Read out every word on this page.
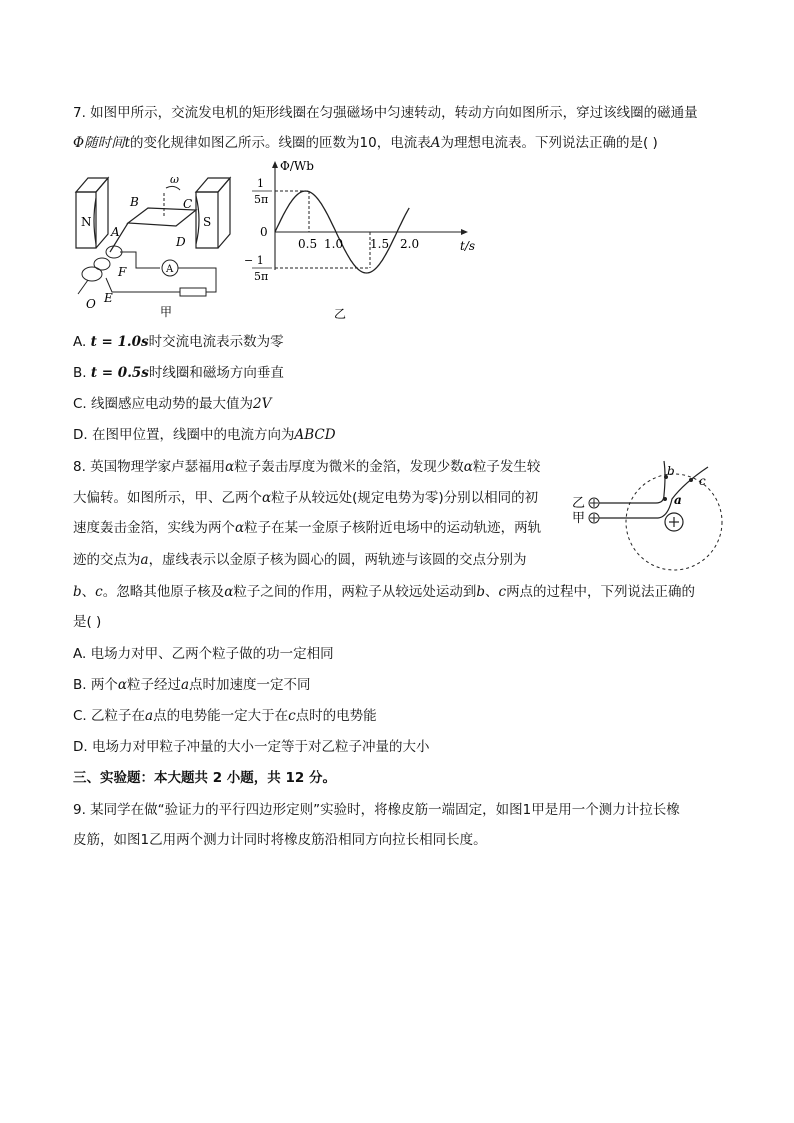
7. 如图甲所示，交流发电机的矩形线圈在匀强磁场中匀速转动，转动方向如图所示，穿过该线圈的磁通量
Φ随时间t的变化规律如图乙所示。线圈的匝数为10，电流表A为理想电流表。下列说法正确的是( )
N	S
ω
B	C
A
D
F
E
O
A
甲
Φ/Wb
t/s
1
5π
0
− 1
5π
0.5 1.0 1.5 2.0
乙
A. t = 1.0s时交流电流表示数为零
B. t = 0.5s时线圈和磁场方向垂直
C. 线圈感应电动势的最大值为2V
D. 在图甲位置，线圈中的电流方向为ABCD
8. 英国物理学家卢瑟福用α粒子轰击厚度为微米的金箔，发现少数α粒子发生较
大偏转。如图所示，甲、乙两个α粒子从较远处(规定电势为零)分别以相同的初
速度轰击金箔，实线为两个α粒子在某一金原子核附近电场中的运动轨迹，两轨
迹的交点为a，虚线表示以金原子核为圆心的圆，两轨迹与该圆的交点分别为
b、c。忽略其他原子核及α粒子之间的作用，两粒子从较远处运动到b、c两点的过程中，下列说法正确的
是( )
乙
甲
b
c
a
A. 电场力对甲、乙两个粒子做的功一定相同
B. 两个α粒子经过a点时加速度一定不同
C. 乙粒子在a点的电势能一定大于在c点时的电势能
D. 电场力对甲粒子冲量的大小一定等于对乙粒子冲量的大小
三、实验题：本大题共 2 小题，共 12 分。
9. 某同学在做“验证力的平行四边形定则”实验时，将橡皮筋一端固定，如图1甲是用一个测力计拉长橡
皮筋，如图1乙用两个测力计同时将橡皮筋沿相同方向拉长相同长度。
